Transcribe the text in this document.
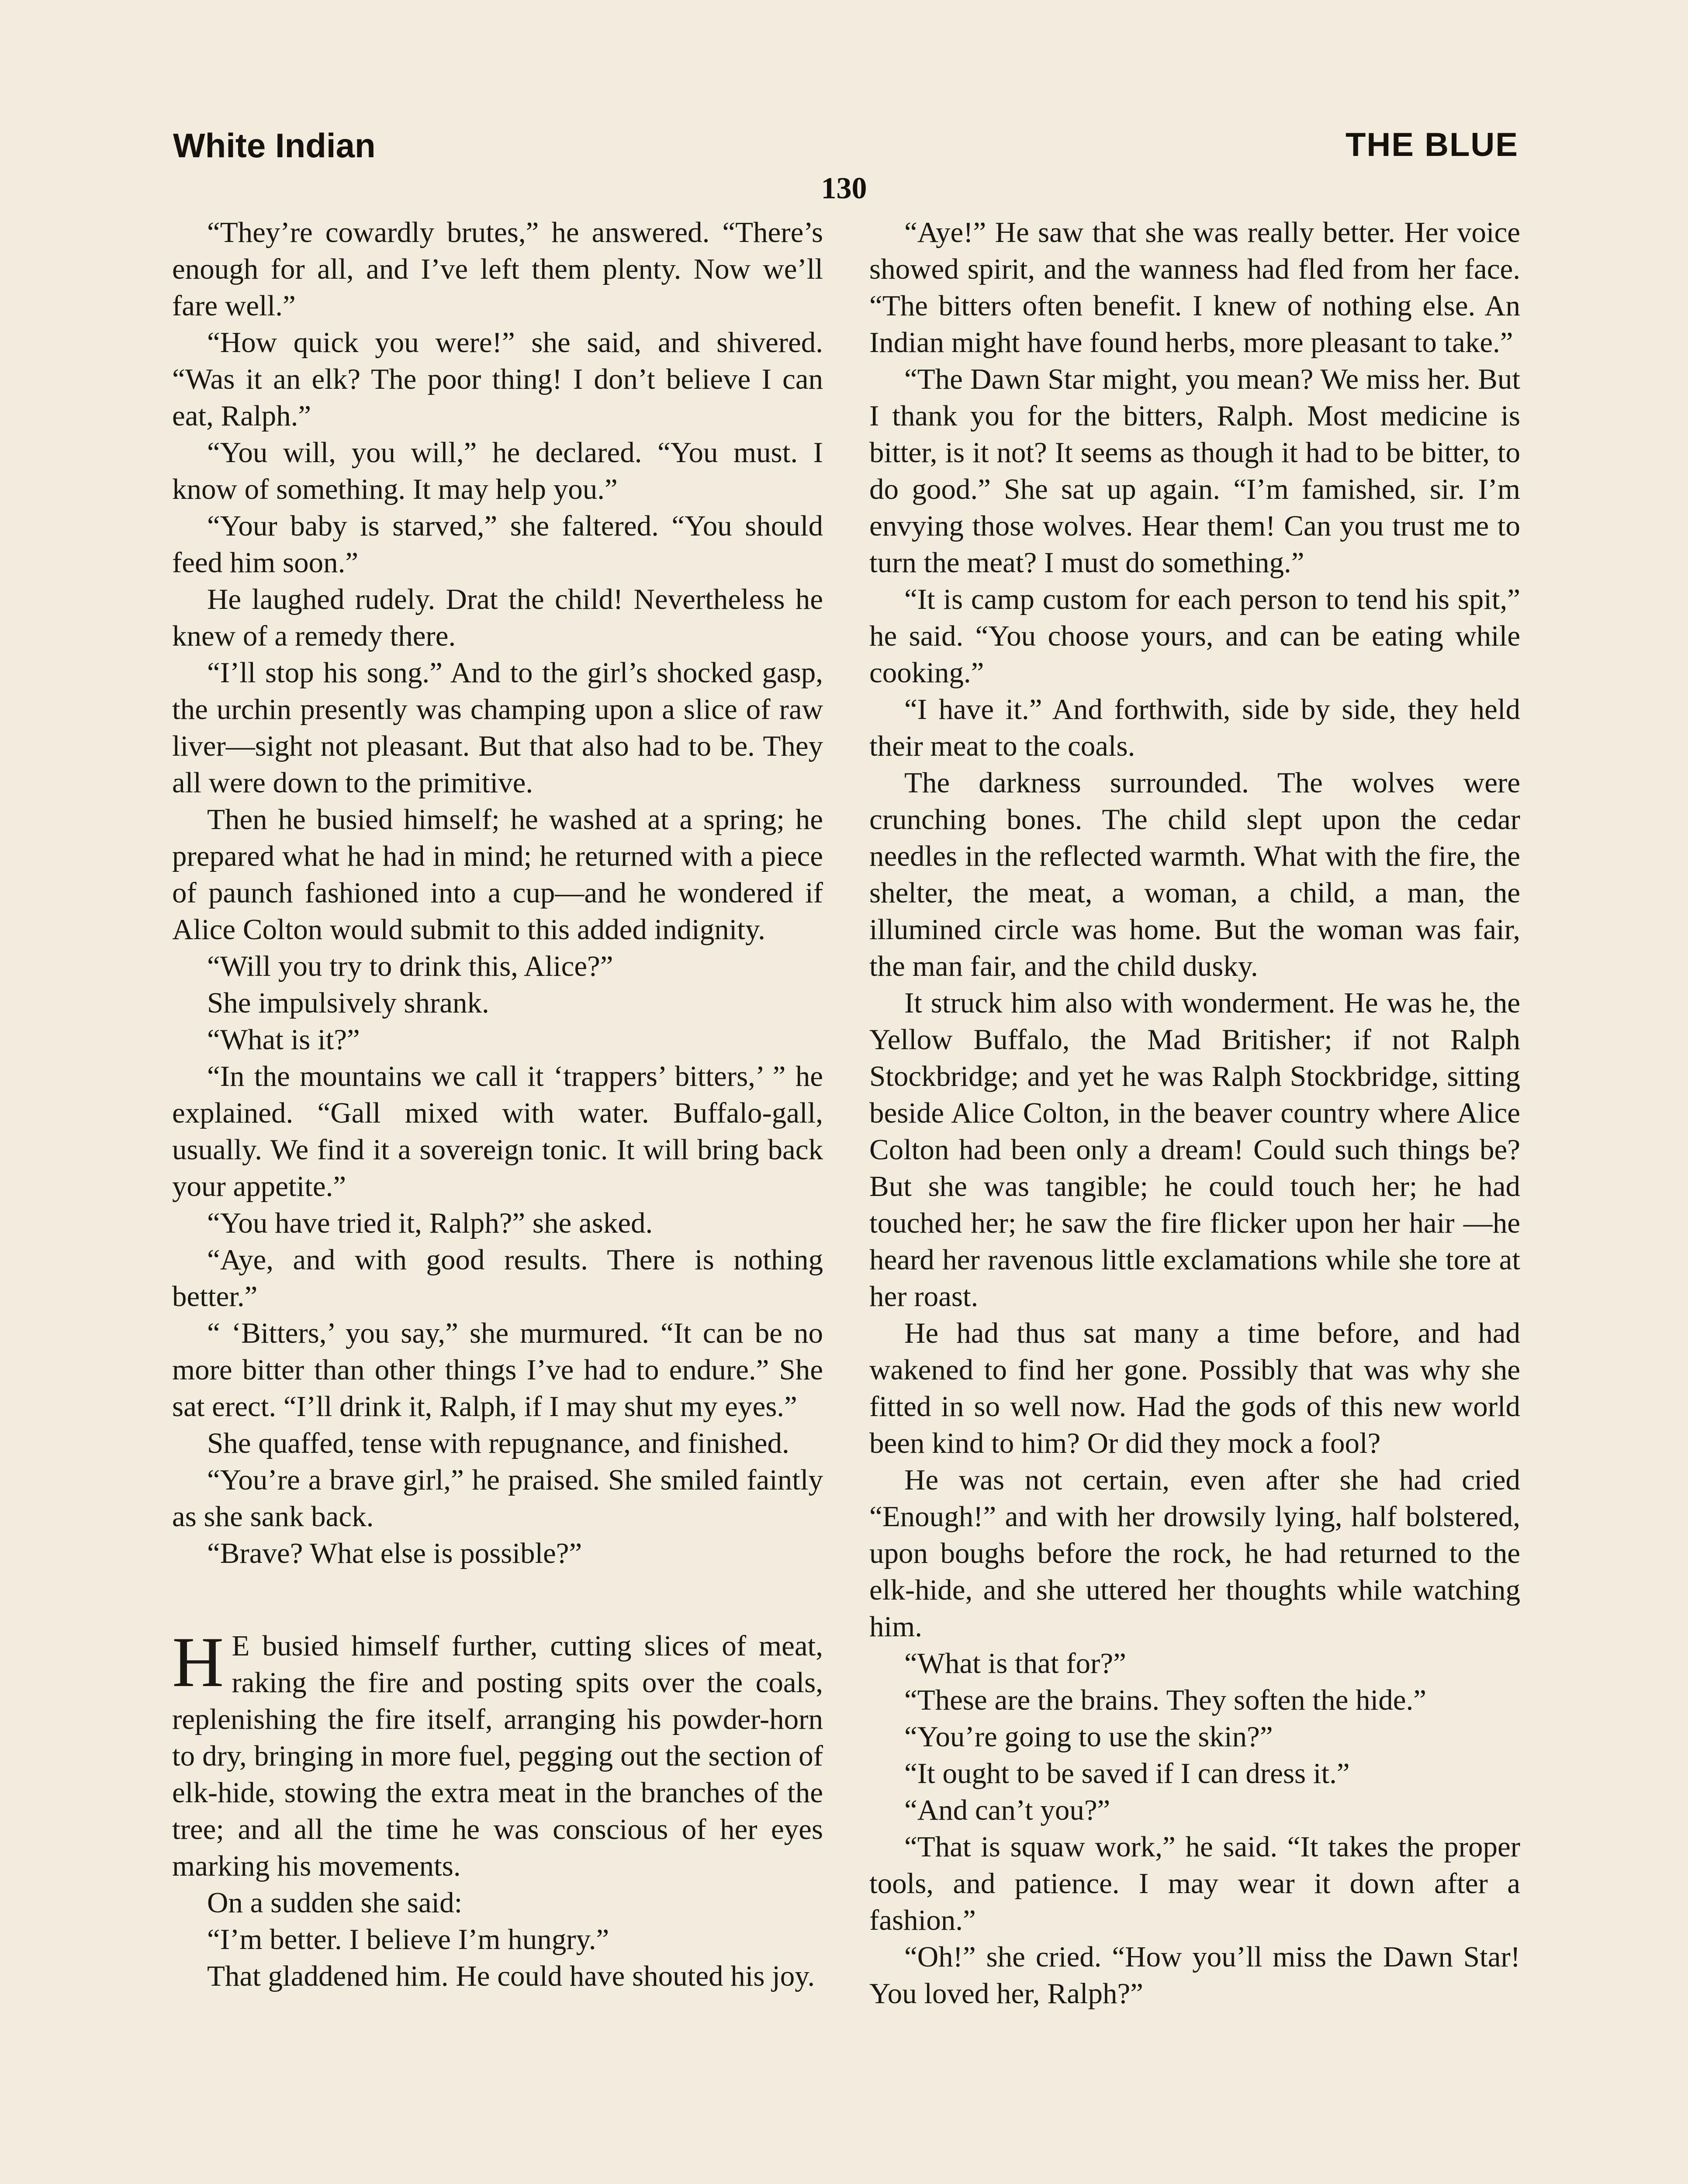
White Indian	THE BLUE
130

“They’re cowardly brutes,” he answered. “There’s enough for all, and I’ve left them plenty. Now we’ll fare well.”

“How quick you were!” she said, and shivered. “Was it an elk? The poor thing! I don’t believe I can eat, Ralph.”

“You will, you will,” he declared. “You must. I know of something. It may help you.”

“Your baby is starved,” she faltered. “You should feed him soon.”

He laughed rudely. Drat the child! Nevertheless he knew of a remedy there.

“I’ll stop his song.” And to the girl’s shocked gasp, the urchin presently was champing upon a slice of raw liver—sight not pleasant. But that also had to be. They all were down to the primitive.

Then he busied himself; he washed at a spring; he prepared what he had in mind; he returned with a piece of paunch fashioned into a cup—and he wondered if Alice Colton would submit to this added indignity.

“Will you try to drink this, Alice?”

She impulsively shrank.

“What is it?”

“In the mountains we call it ‘trappers’ bitters,’ ” he explained. “Gall mixed with water. Buffalo-gall, usually. We find it a sovereign tonic. It will bring back your appetite.”

“You have tried it, Ralph?” she asked.

“Aye, and with good results. There is nothing better.”

“ ‘Bitters,’ you say,” she murmured. “It can be no more bitter than other things I’ve had to endure.” She sat erect. “I’ll drink it, Ralph, if I may shut my eyes.”

She quaffed, tense with repugnance, and finished.

“You’re a brave girl,” he praised. She smiled faintly as she sank back.

“Brave? What else is possible?”

H E busied himself further, cutting slices of meat, raking the fire and posting spits over the coals, replenishing the fire itself, arranging his powder-horn to dry, bringing in more fuel, pegging out the section of elk-hide, stowing the extra meat in the branches of the tree; and all the time he was conscious of her eyes marking his movements.

On a sudden she said:

“I’m better. I believe I’m hungry.”

That gladdened him. He could have shouted his joy.

“Aye!” He saw that she was really better. Her voice showed spirit, and the wanness had fled from her face. “The bitters often benefit. I knew of nothing else. An Indian might have found herbs, more pleasant to take.”

“The Dawn Star might, you mean? We miss her. But I thank you for the bitters, Ralph. Most medicine is bitter, is it not? It seems as though it had to be bitter, to do good.” She sat up again. “I’m famished, sir. I’m envying those wolves. Hear them! Can you trust me to turn the meat? I must do something.”

“It is camp custom for each person to tend his spit,” he said. “You choose yours, and can be eating while cooking.”

“I have it.” And forthwith, side by side, they held their meat to the coals.

The darkness surrounded. The wolves were crunching bones. The child slept upon the cedar needles in the reflected warmth. What with the fire, the shelter, the meat, a woman, a child, a man, the illumined circle was home. But the woman was fair, the man fair, and the child dusky.

It struck him also with wonderment. He was he, the Yellow Buffalo, the Mad Britisher; if not Ralph Stockbridge; and yet he was Ralph Stockbridge, sitting beside Alice Colton, in the beaver country where Alice Colton had been only a dream! Could such things be? But she was tangible; he could touch her; he had touched her; he saw the fire flicker upon her hair —he heard her ravenous little exclamations while she tore at her roast.

He had thus sat many a time before, and had wakened to find her gone. Possibly that was why she fitted in so well now. Had the gods of this new world been kind to him? Or did they mock a fool?

He was not certain, even after she had cried “Enough!” and with her drowsily lying, half bolstered, upon boughs before the rock, he had returned to the elk-hide, and she uttered her thoughts while watching him.

“What is that for?”

“These are the brains. They soften the hide.”

“You’re going to use the skin?”

“It ought to be saved if I can dress it.”

“And can’t you?”

“That is squaw work,” he said. “It takes the proper tools, and patience. I may wear it down after a fashion.”

“Oh!” she cried. “How you’ll miss the Dawn Star! You loved her, Ralph?”
